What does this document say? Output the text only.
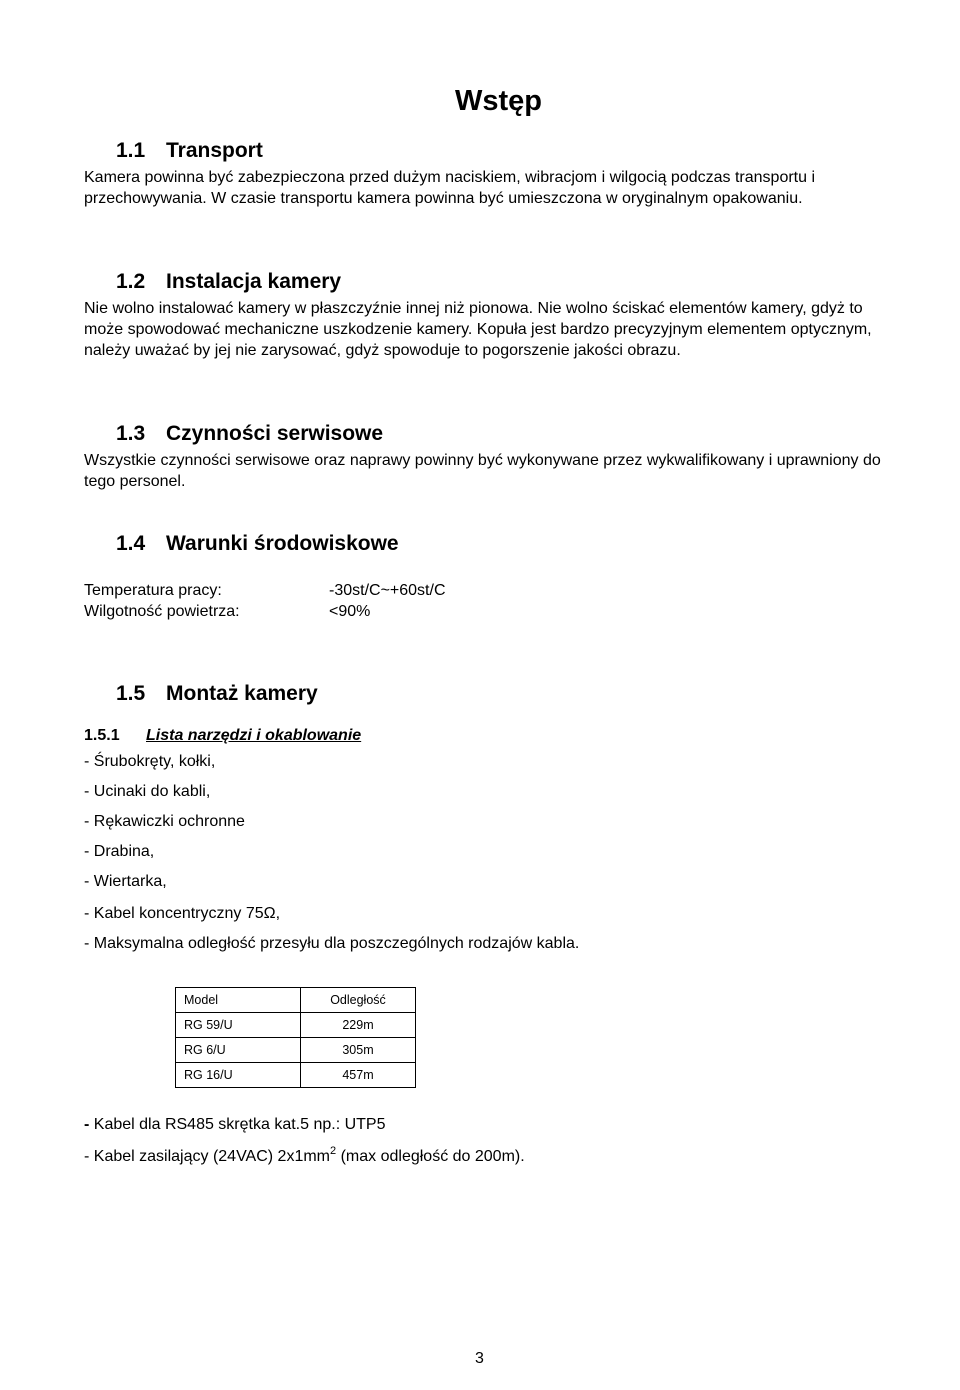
Wstęp
1.1 Transport
Kamera powinna być zabezpieczona przed dużym naciskiem, wibracjom i wilgocią podczas transportu i przechowywania. W czasie transportu kamera powinna być umieszczona w oryginalnym opakowaniu.
1.2 Instalacja kamery
Nie wolno instalować kamery w płaszczyźnie innej niż pionowa. Nie wolno ściskać elementów kamery, gdyż to może spowodować mechaniczne uszkodzenie kamery. Kopuła jest bardzo precyzyjnym elementem optycznym, należy uważać by jej nie zarysować, gdyż spowoduje to pogorszenie jakości obrazu.
1.3 Czynności serwisowe
Wszystkie czynności serwisowe oraz naprawy powinny być wykonywane przez wykwalifikowany i uprawniony do tego personel.
1.4 Warunki środowiskowe
Temperatura pracy:	-30st/C~+60st/C
Wilgotność powietrza:	<90%
1.5 Montaż kamery
1.5.1 Lista narzędzi i okablowanie
- Śrubokręty, kołki,
- Ucinaki do kabli,
- Rękawiczki ochronne
- Drabina,
- Wiertarka,
- Kabel koncentryczny 75Ω,
- Maksymalna odległość przesyłu dla poszczególnych rodzajów kabla.
Model	Odległość
RG 59/U	229m
RG 6/U	305m
RG 16/U	457m
- Kabel dla RS485 skrętka kat.5 np.: UTP5
- Kabel zasilający (24VAC) $2x1mm^2$ (max odległość do 200m).
3
